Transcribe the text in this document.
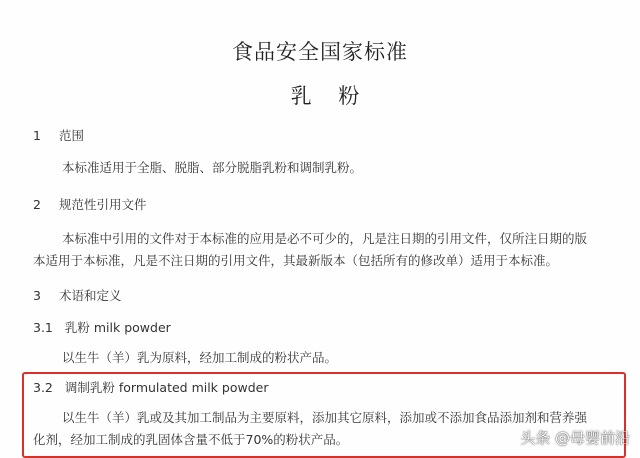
食品安全国家标准
乳 粉
1 范围
本标准适用于全脂、脱脂、部分脱脂乳粉和调制乳粉。
2 规范性引用文件
本标准中引用的文件对于本标准的应用是必不可少的，凡是注日期的引用文件，仅所注日期的版
本适用于本标准，凡是不注日期的引用文件，其最新版本（包括所有的修改单）适用于本标准。
3 术语和定义
3.1 乳粉 milk powder
以生牛（羊）乳为原料，经加工制成的粉状产品。
3.2 调制乳粉 formulated milk powder
以生牛（羊）乳或及其加工制品为主要原料，添加其它原料，添加或不添加食品添加剂和营养强
化剂，经加工制成的乳固体含量不低于70%的粉状产品。	头条 @母婴前沿
